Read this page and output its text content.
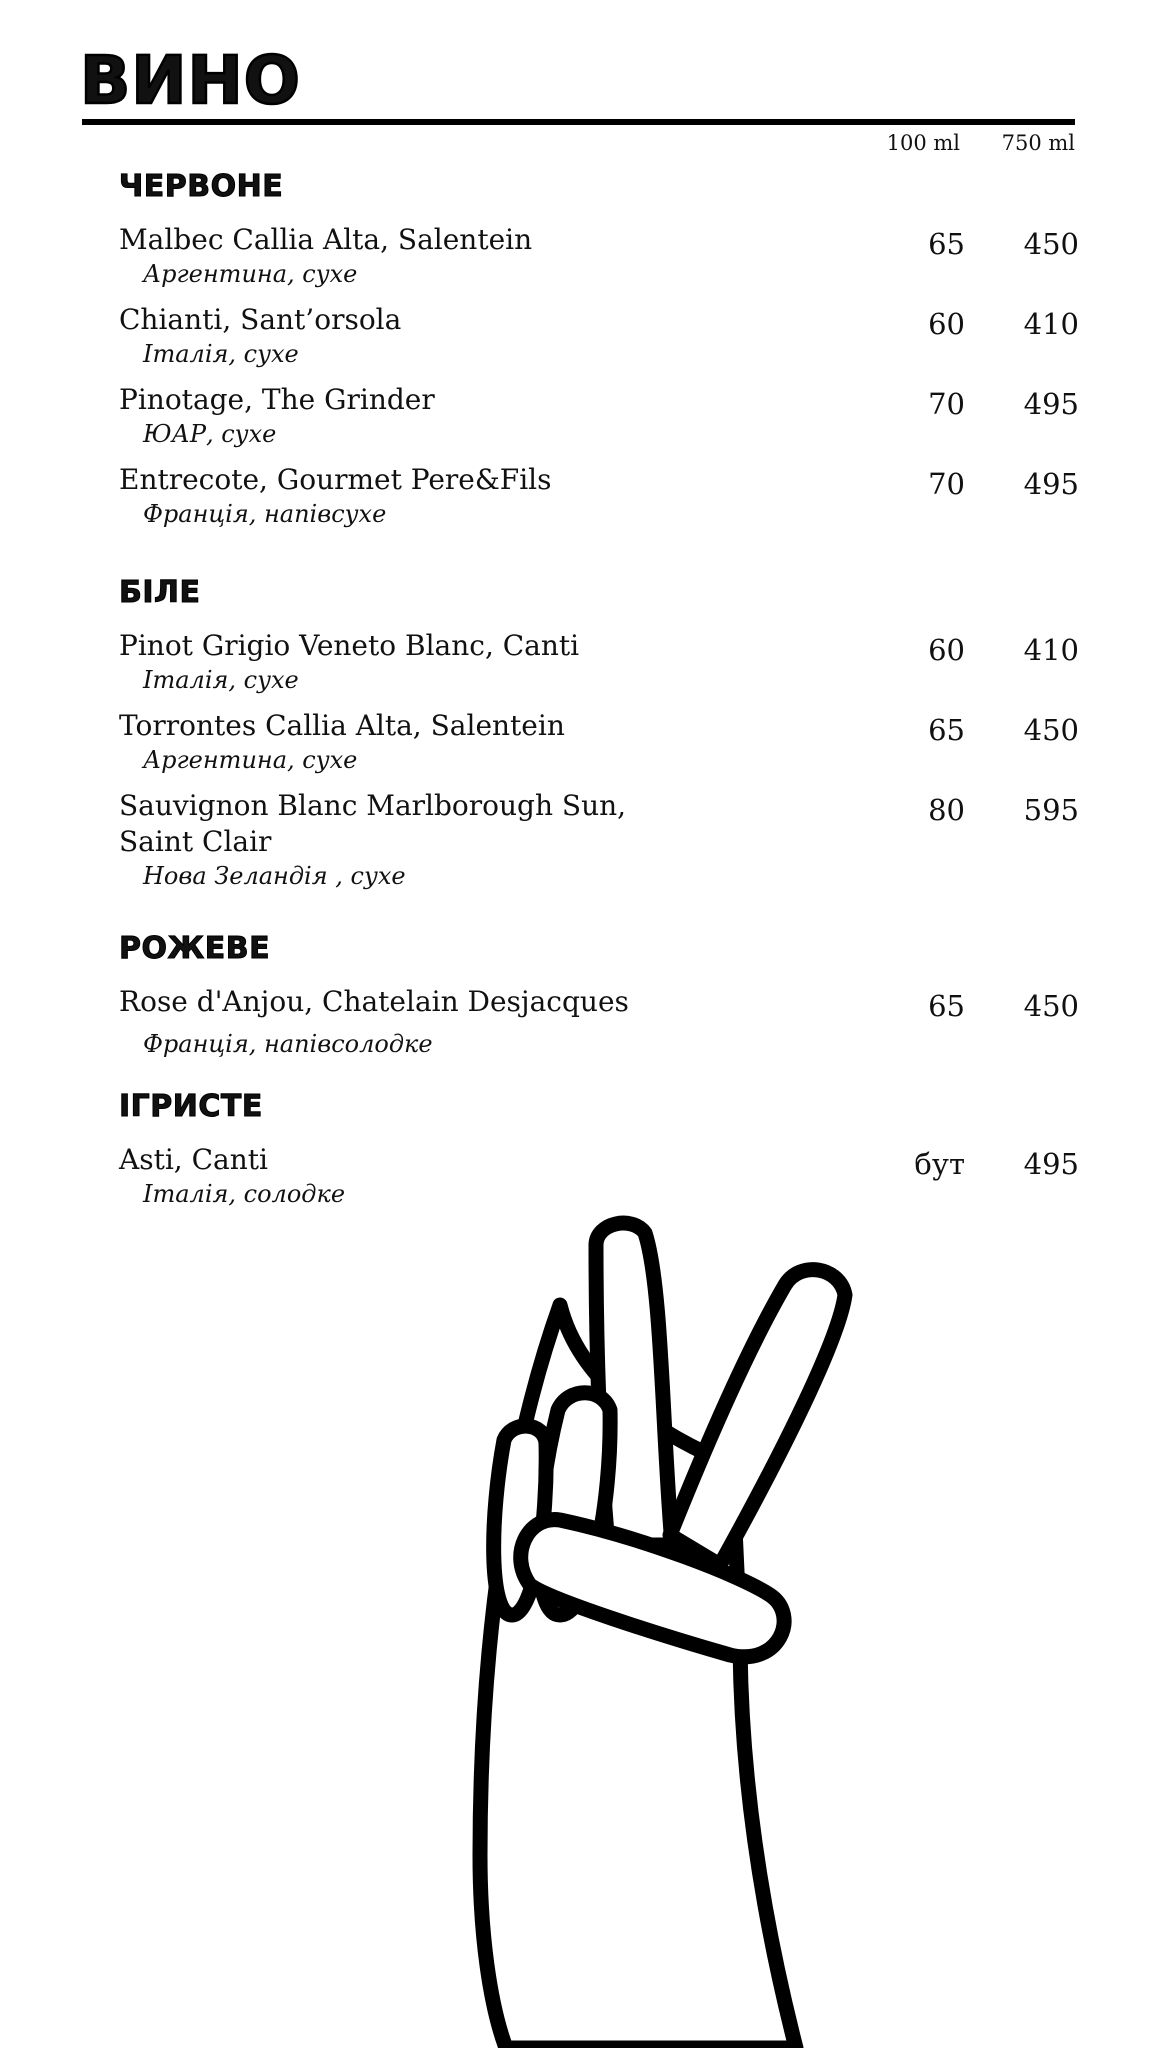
ВИНО
100 ml 750 ml
ЧЕРВОНЕ
Malbec Callia Alta, Salentein
Аргентина, сухе
65	450
Chianti, Sant’orsola
Італія, сухе
60	410
Pinotage, The Grinder
ЮАР, сухе
70	495
Entrecote, Gourmet Pere&Fils
Франція, напівсухе
70	495
БІЛЕ
Pinot Grigio Veneto Blanc, Canti
Італія, сухе
60	410
Torrontes Callia Alta, Salentein
Аргентина, сухе
65	450
Sauvignon Blanc Marlborough Sun, Saint Clair
Нова Зеландія , сухе
80	595
РОЖЕВЕ
Rose d'Anjou, Chatelain Desjacques
Франція, напівсолодке
65	450
ІГРИСТЕ
Asti, Canti
Італія, солодке
бут	495
